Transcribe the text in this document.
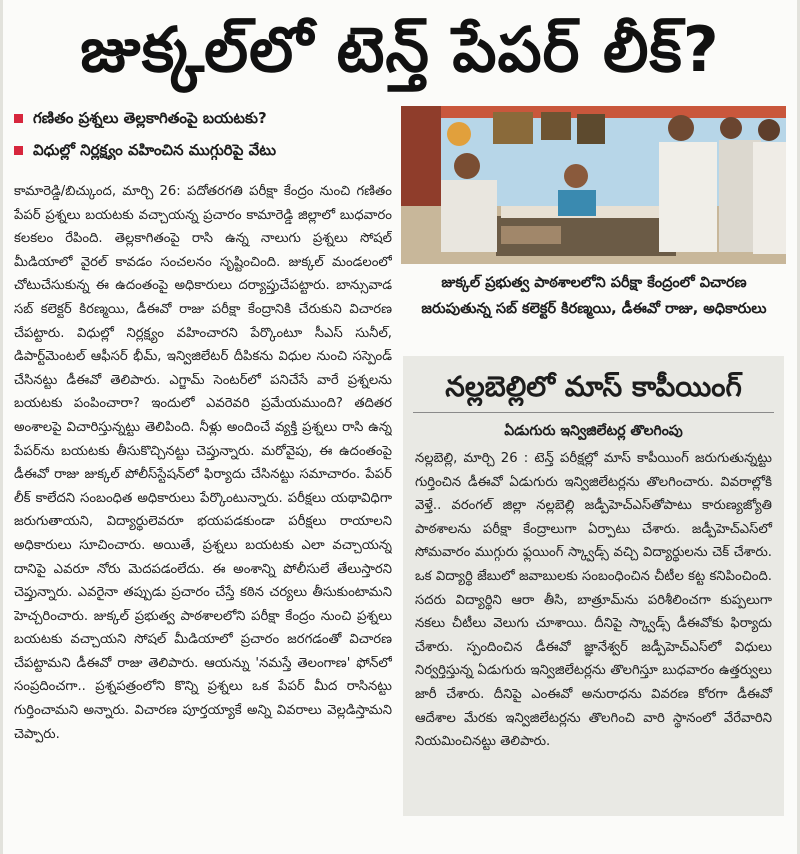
జుక్కల్‌లో టెన్త్ పేపర్ లీక్?
గణితం ప్రశ్నలు తెల్లకాగితంపై బయటకు?
విధుల్లో నిర్లక్ష్యం వహించిన ముగ్గురిపై వేటు
కామారెడ్డి/బిచ్కుంద, మార్చి 26: పదోతరగతి పరీక్షా కేంద్రం నుంచి గణితం పేపర్ ప్రశ్నలు బయటకు వచ్చాయన్న ప్రచారం కామారెడ్డి జిల్లాలో బుధవారం కలకలం రేపింది. తెల్లకాగితంపై రాసి ఉన్న నాలుగు ప్రశ్నలు సోషల్ మీడియాలో వైరల్ కావడం సంచలనం సృష్టించింది. జుక్కల్ మండలంలో చోటుచేసుకున్న ఈ ఉదంతంపై అధికారులు దర్యాప్తుచేపట్టారు. బాన్సువాడ సబ్ కలెక్టర్ కిరణ్మయి, డీఈవో రాజు పరీక్షా కేంద్రానికి చేరుకుని విచారణ చేపట్టారు. విధుల్లో నిర్లక్ష్యం వహించారని పేర్కొంటూ సీఎస్ సునీల్, డిపార్ట్‌మెంటల్ ఆఫీసర్ భీమ్, ఇన్విజిలేటర్ దీపికను విధుల నుంచి సస్పెండ్ చేసినట్టు డీఈవో తెలిపారు. ఎగ్జామ్ సెంటర్‌లో పనిచేసే వారే ప్రశ్నలను బయటకు పంపించారా? ఇందులో ఎవరెవరి ప్రమేయముంది? తదితర అంశాలపై విచారిస్తున్నట్టు తెలిపింది. నీళ్లు అందించే వ్యక్తి ప్రశ్నలు రాసి ఉన్న పేపర్‌ను బయటకు తీసుకొచ్చినట్టు చెప్తున్నారు. మరోవైపు, ఈ ఉదంతంపై డీఈవో రాజు జుక్కల్ పోలీస్‌స్టేషన్‌లో ఫిర్యాదు చేసినట్టు సమాచారం. పేపర్ లీక్ కాలేదని సంబంధిత అధికారులు పేర్కొంటున్నారు. పరీక్షలు యథావిధిగా జరుగుతాయని, విద్యార్థులెవరూ భయపడకుండా పరీక్షలు రాయాలని అధికారులు సూచించారు. అయితే, ప్రశ్నలు బయటకు ఎలా వచ్చాయన్న దానిపై ఎవరూ నోరు మెదపడంలేదు. ఈ అంశాన్ని పోలీసులే తేలుస్తారని చెప్తున్నారు. ఎవరైనా తప్పుడు ప్రచారం చేస్తే కఠిన చర్యలు తీసుకుంటామని హెచ్చరించారు. జుక్కల్ ప్రభుత్వ పాఠశాలలోని పరీక్షా కేంద్రం నుంచి ప్రశ్నలు బయటకు వచ్చాయని సోషల్ మీడియాలో ప్రచారం జరగడంతో విచారణ చేపట్టామని డీఈవో రాజు తెలిపారు. ఆయన్ను 'నమస్తే తెలంగాణ' ఫోన్‌లో సంప్రదించగా.. ప్రశ్నపత్రంలోని కొన్ని ప్రశ్నలు ఒక పేపర్ మీద రాసినట్టు గుర్తించామని అన్నారు. విచారణ పూర్తయ్యాకే అన్ని వివరాలు వెల్లడిస్తామని చెప్పారు.
జుక్కల్ ప్రభుత్వ పాఠశాలలోని పరీక్షా కేంద్రంలో విచారణ జరుపుతున్న సబ్ కలెక్టర్ కిరణ్మయి, డీఈవో రాజు, అధికారులు
నల్లబెల్లిలో మాస్ కాపీయింగ్
ఏడుగురు ఇన్విజిలేటర్ల తొలగింపు
నల్లబెల్లి, మార్చి 26 : టెన్త్ పరీక్షల్లో మాస్ కాపీయింగ్ జరుగుతున్నట్టు గుర్తించిన డీఈవో ఏడుగురు ఇన్విజిలేటర్లను తొలగించారు. వివరాల్లోకి వెళ్తే.. వరంగల్ జిల్లా నల్లబెల్లి జడ్పీహెచ్‌ఎస్‌తోపాటు కారుణ్యజ్యోతి పాఠశాలను పరీక్షా కేంద్రాలుగా ఏర్పాటు చేశారు. జడ్పీహెచ్‌ఎస్‌లో సోమవారం ముగ్గురు ఫ్లయింగ్ స్క్వాడ్స్ వచ్చి విద్యార్థులను చెక్ చేశారు. ఒక విద్యార్థి జేబులో జవాబులకు సంబంధించిన చీటీల కట్ట కనిపించింది. సదరు విద్యార్థిని ఆరా తీసి, బాత్రూమ్‌ను పరిశీలించగా కుప్పలుగా నకలు చీటీలు వెలుగు చూశాయి. దీనిపై స్క్వాడ్స్ డీఈవోకు ఫిర్యాదు చేశారు. స్పందించిన డీఈవో జ్ఞానేశ్వర్ జడ్పీహెచ్‌ఎస్‌లో విధులు నిర్వర్తిస్తున్న ఏడుగురు ఇన్విజిలేటర్లను తొలగిస్తూ బుధవారం ఉత్తర్వులు జారీ చేశారు. దీనిపై ఎంఈవో అనురాధను వివరణ కోరగా డీఈవో ఆదేశాల మేరకు ఇన్విజిలేటర్లను తొలగించి వారి స్థానంలో వేరేవారిని నియమించినట్టు తెలిపారు.
